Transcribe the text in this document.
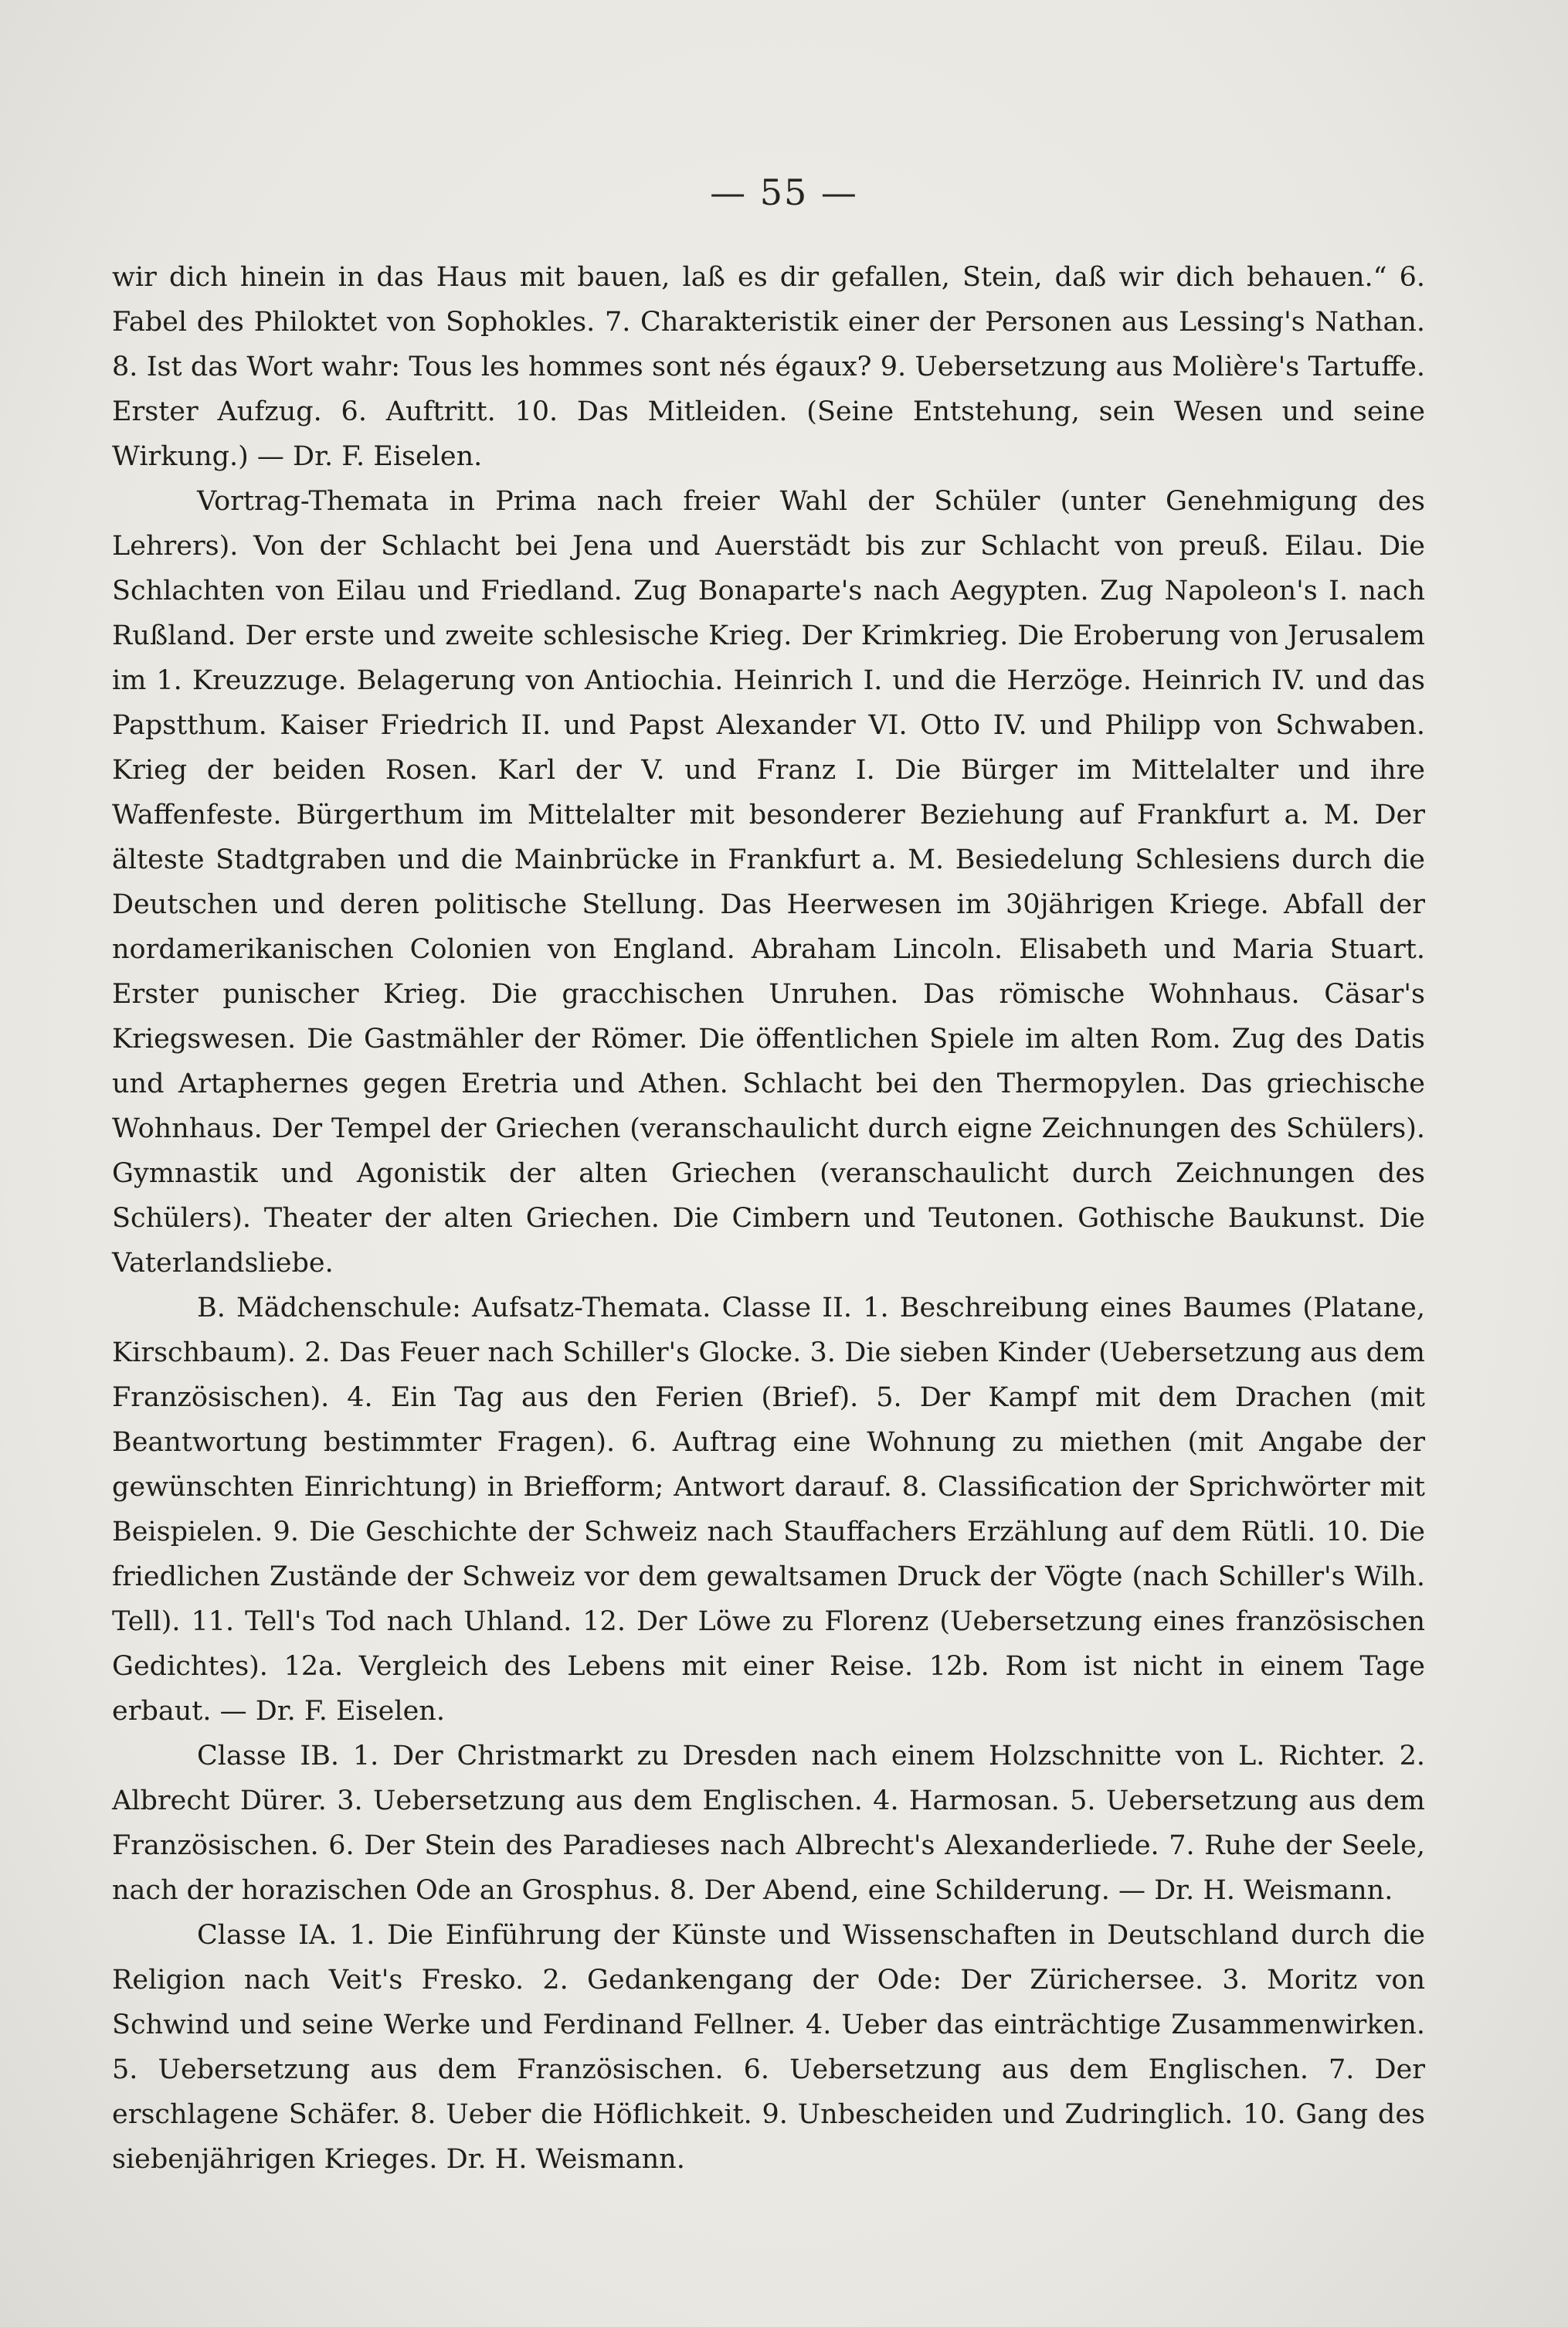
— 55 —

wir dich hinein in das Haus mit bauen, laß es dir gefallen, Stein, daß wir dich behauen.“ 6. Fabel des Philoktet von Sophokles. 7. Charakteristik einer der Personen aus Lessing's Nathan. 8. Ist das Wort wahr: Tous les hommes sont nés égaux? 9. Uebersetzung aus Molière's Tartuffe. Erster Aufzug. 6. Auftritt. 10. Das Mitleiden. (Seine Entstehung, sein Wesen und seine Wirkung.) — Dr. F. Eiselen.

Vortrag-Themata in Prima nach freier Wahl der Schüler (unter Genehmigung des Lehrers). Von der Schlacht bei Jena und Auerstädt bis zur Schlacht von preuß. Eilau. Die Schlachten von Eilau und Friedland. Zug Bonaparte's nach Aegypten. Zug Napoleon's I. nach Rußland. Der erste und zweite schlesische Krieg. Der Krimkrieg. Die Eroberung von Jerusalem im 1. Kreuzzuge. Belagerung von Antiochia. Heinrich I. und die Herzöge. Heinrich IV. und das Papstthum. Kaiser Friedrich II. und Papst Alexander VI. Otto IV. und Philipp von Schwaben. Krieg der beiden Rosen. Karl der V. und Franz I. Die Bürger im Mittelalter und ihre Waffenfeste. Bürgerthum im Mittelalter mit besonderer Beziehung auf Frankfurt a. M. Der älteste Stadtgraben und die Mainbrücke in Frankfurt a. M. Besiedelung Schlesiens durch die Deutschen und deren politische Stellung. Das Heerwesen im 30jährigen Kriege. Abfall der nordamerikanischen Colonien von England. Abraham Lincoln. Elisabeth und Maria Stuart. Erster punischer Krieg. Die gracchischen Unruhen. Das römische Wohnhaus. Cäsar's Kriegswesen. Die Gastmähler der Römer. Die öffentlichen Spiele im alten Rom. Zug des Datis und Artaphernes gegen Eretria und Athen. Schlacht bei den Thermopylen. Das griechische Wohnhaus. Der Tempel der Griechen (veranschaulicht durch eigne Zeichnungen des Schülers). Gymnastik und Agonistik der alten Griechen (veranschaulicht durch Zeichnungen des Schülers). Theater der alten Griechen. Die Cimbern und Teutonen. Gothische Baukunst. Die Vaterlandsliebe.

B. Mädchenschule: Aufsatz-Themata. Classe II. 1. Beschreibung eines Baumes (Platane, Kirschbaum). 2. Das Feuer nach Schiller's Glocke. 3. Die sieben Kinder (Uebersetzung aus dem Französischen). 4. Ein Tag aus den Ferien (Brief). 5. Der Kampf mit dem Drachen (mit Beantwortung bestimmter Fragen). 6. Auftrag eine Wohnung zu miethen (mit Angabe der gewünschten Einrichtung) in Briefform; Antwort darauf. 8. Classification der Sprichwörter mit Beispielen. 9. Die Geschichte der Schweiz nach Stauffachers Erzählung auf dem Rütli. 10. Die friedlichen Zustände der Schweiz vor dem gewaltsamen Druck der Vögte (nach Schiller's Wilh. Tell). 11. Tell's Tod nach Uhland. 12. Der Löwe zu Florenz (Uebersetzung eines französischen Gedichtes). 12a. Vergleich des Lebens mit einer Reise. 12b. Rom ist nicht in einem Tage erbaut. — Dr. F. Eiselen.

Classe IB. 1. Der Christmarkt zu Dresden nach einem Holzschnitte von L. Richter. 2. Albrecht Dürer. 3. Uebersetzung aus dem Englischen. 4. Harmosan. 5. Uebersetzung aus dem Französischen. 6. Der Stein des Paradieses nach Albrecht's Alexanderliede. 7. Ruhe der Seele, nach der horazischen Ode an Grosphus. 8. Der Abend, eine Schilderung. — Dr. H. Weismann.

Classe IA. 1. Die Einführung der Künste und Wissenschaften in Deutschland durch die Religion nach Veit's Fresko. 2. Gedankengang der Ode: Der Zürichersee. 3. Moritz von Schwind und seine Werke und Ferdinand Fellner. 4. Ueber das einträchtige Zusammenwirken. 5. Uebersetzung aus dem Französischen. 6. Uebersetzung aus dem Englischen. 7. Der erschlagene Schäfer. 8. Ueber die Höflichkeit. 9. Unbescheiden und Zudringlich. 10. Gang des siebenjährigen Krieges. Dr. H. Weismann.
